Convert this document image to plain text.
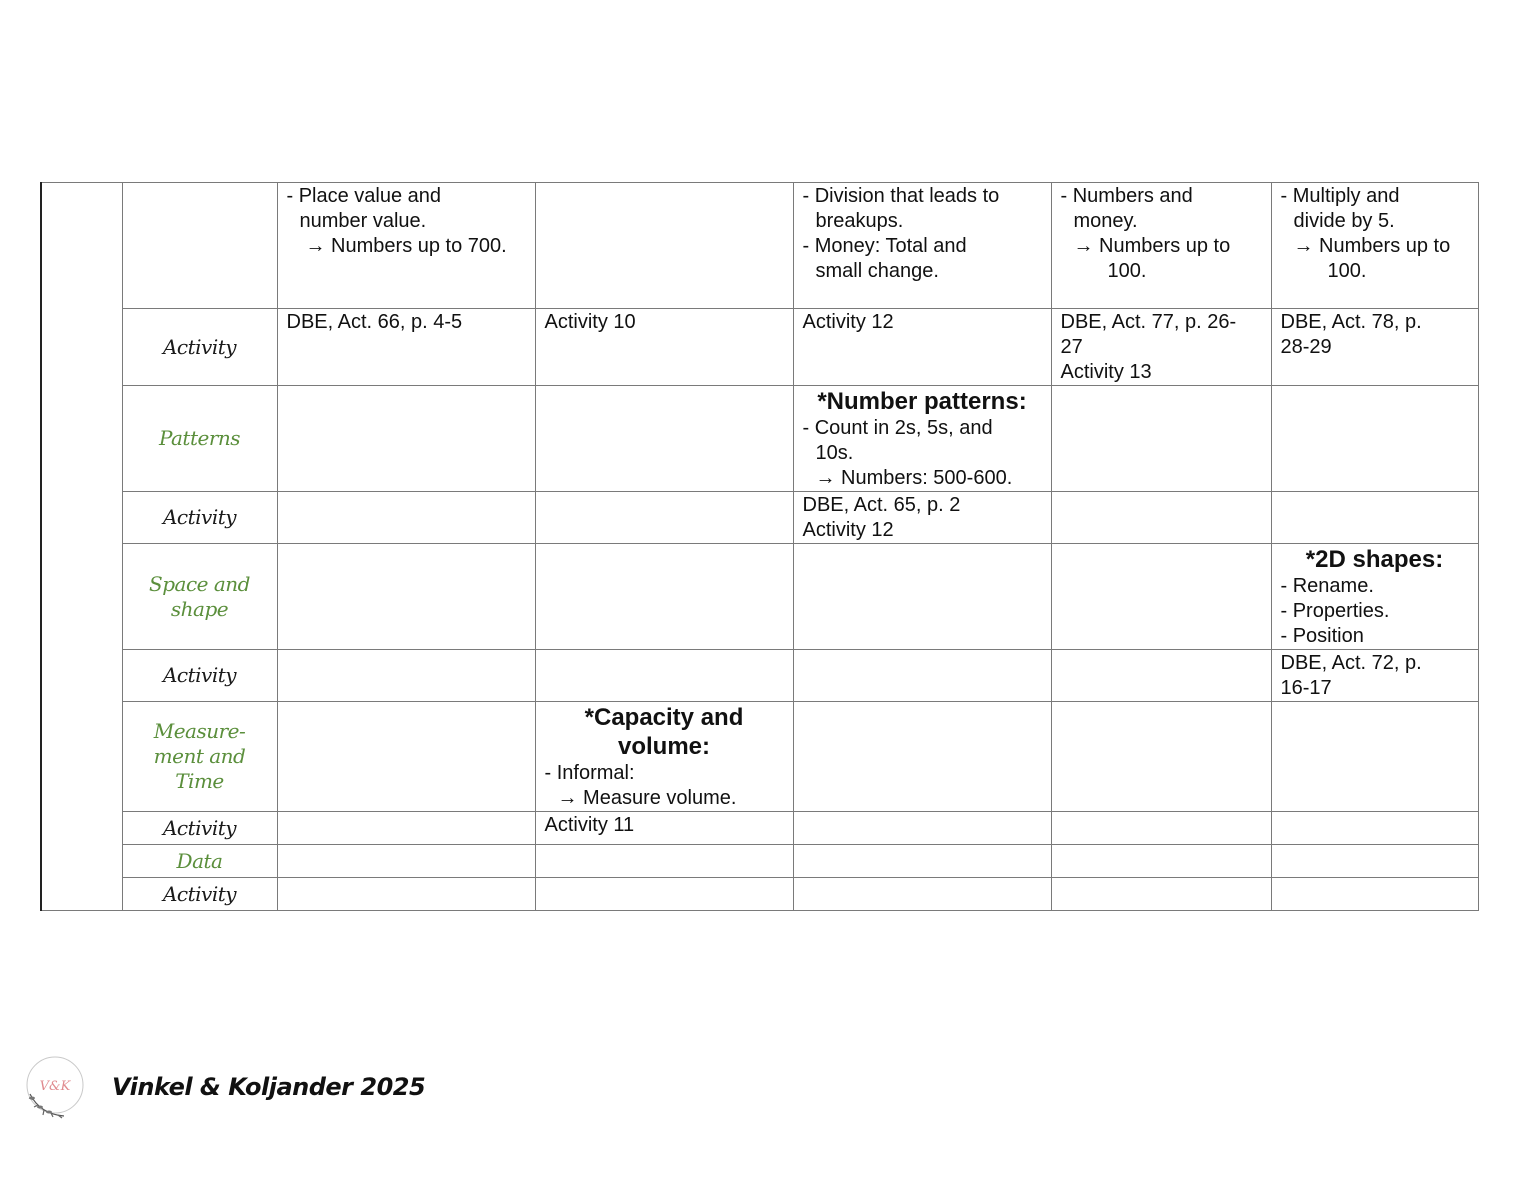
		- Place value and
number value.
→ Numbers up to 700.		- Division that leads to
breakups.
- Money: Total and
small change.	- Numbers and
money.
→ Numbers up to
100.	- Multiply and
divide by 5.
→ Numbers up to
100.

	Activity	DBE, Act. 66, p. 4-5	Activity 10	Activity 12	DBE, Act. 77, p. 26-
27
Activity 13	DBE, Act. 78, p.
28-29

	Patterns			*Number patterns:
- Count in 2s, 5s, and
10s.
→ Numbers: 500-600.		

	Activity			DBE, Act. 65, p. 2
Activity 12		

	Space and shape					*2D shapes:
- Rename.
- Properties.
- Position

	Activity					DBE, Act. 72, p.
16-17

	Measure-
ment and
Time		*Capacity and
volume:
- Informal:
→ Measure volume.			

	Activity		Activity 11			

	Data	

	Activity	

V&K Vinkel & Koljander 2025
